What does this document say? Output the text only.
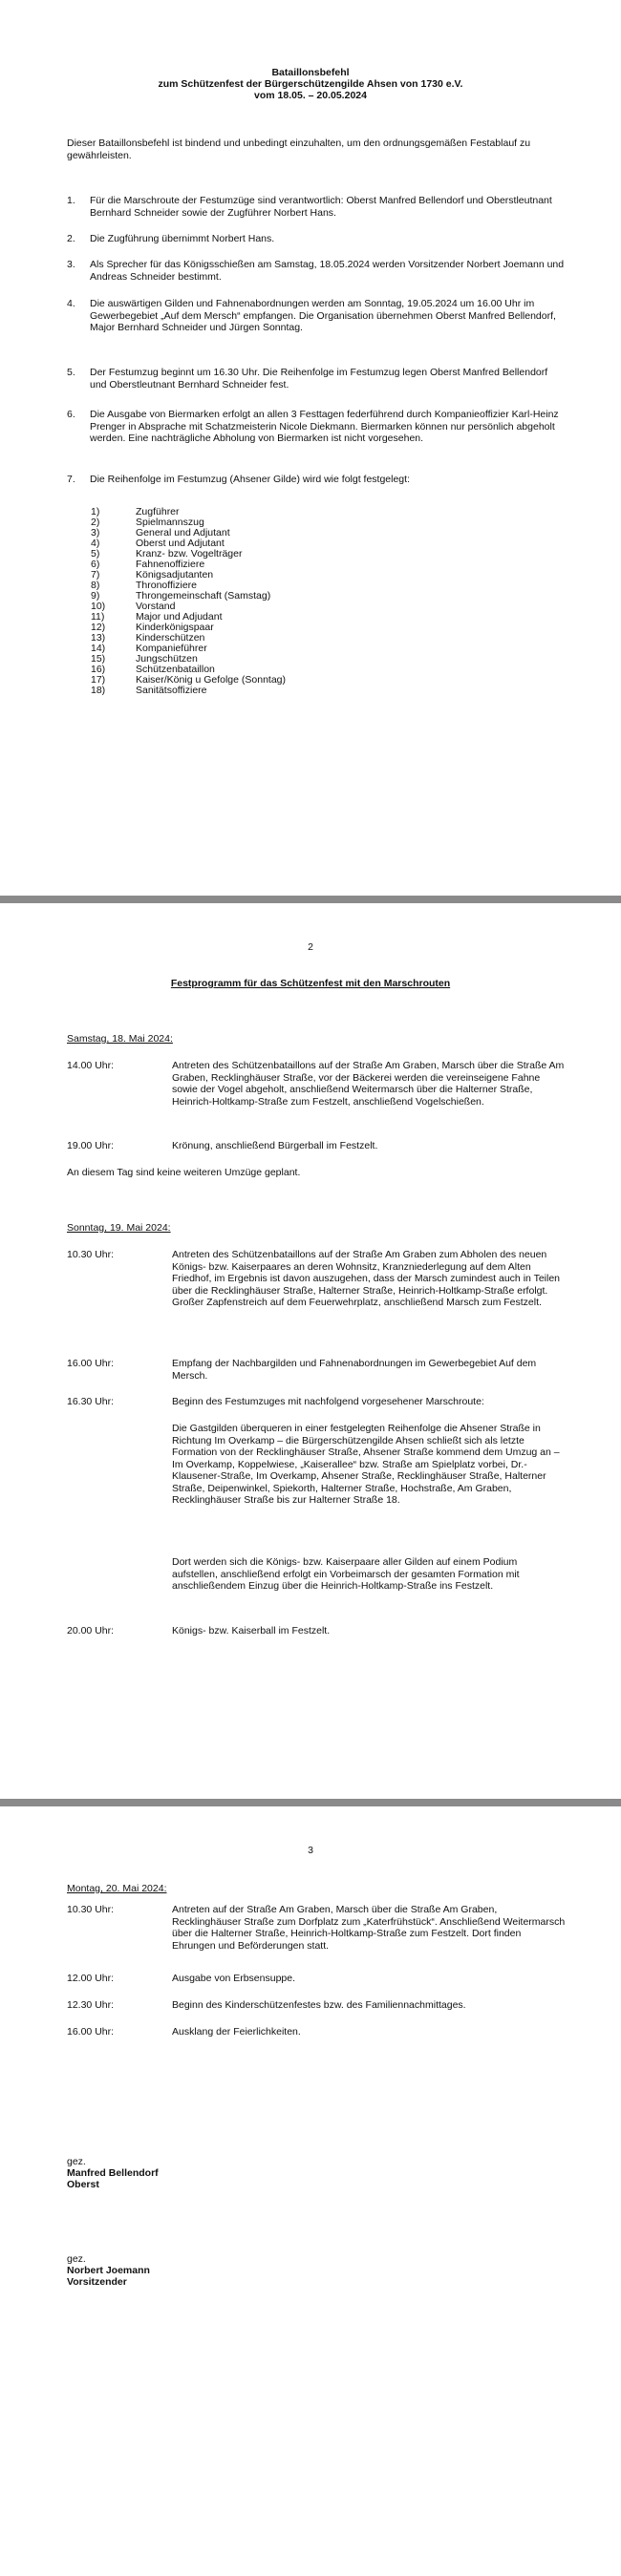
Bataillonsbefehl
zum Schützenfest der Bürgerschützengilde Ahsen von 1730 e.V.
vom 18.05. – 20.05.2024
Dieser Bataillonsbefehl ist bindend und unbedingt einzuhalten, um den ordnungsgemäßen Festablauf zu gewährleisten.
1. Für die Marschroute der Festumzüge sind verantwortlich: Oberst Manfred Bellendorf und Oberstleutnant Bernhard Schneider sowie der Zugführer Norbert Hans.
2. Die Zugführung übernimmt Norbert Hans.
3. Als Sprecher für das Königsschießen am Samstag, 18.05.2024 werden Vorsitzender Norbert Joemann und Andreas Schneider bestimmt.
4. Die auswärtigen Gilden und Fahnenabordnungen werden am Sonntag, 19.05.2024 um 16.00 Uhr im Gewerbegebiet „Auf dem Mersch“ empfangen. Die Organisation übernehmen Oberst Manfred Bellendorf, Major Bernhard Schneider und Jürgen Sonntag.
5. Der Festumzug beginnt um 16.30 Uhr. Die Reihenfolge im Festumzug legen Oberst Manfred Bellendorf und Oberstleutnant Bernhard Schneider fest.
6. Die Ausgabe von Biermarken erfolgt an allen 3 Festtagen federführend durch Kompanieoffizier Karl-Heinz Prenger in Absprache mit Schatzmeisterin Nicole Diekmann. Biermarken können nur persönlich abgeholt werden. Eine nachträgliche Abholung von Biermarken ist nicht vorgesehen.
7. Die Reihenfolge im Festumzug (Ahsener Gilde) wird wie folgt festgelegt:
1)	Zugführer
2)	Spielmannszug
3)	General und Adjutant
4)	Oberst und Adjutant
5)	Kranz- bzw. Vogelträger
6)	Fahnenoffiziere
7)	Königsadjutanten
8)	Thronoffiziere
9)	Throngemeinschaft (Samstag)
10)	Vorstand
11)	Major und Adjudant
12)	Kinderkönigspaar
13)	Kinderschützen
14)	Kompanieführer
15)	Jungschützen
16)	Schützenbataillon
17)	Kaiser/König u Gefolge (Sonntag)
18)	Sanitätsoffiziere
2
Festprogramm für das Schützenfest mit den Marschrouten
Samstag, 18. Mai 2024:
14.00 Uhr:	Antreten des Schützenbataillons auf der Straße Am Graben, Marsch über die Straße Am Graben, Recklinghäuser Straße, vor der Bäckerei werden die vereinseigene Fahne sowie der Vogel abgeholt, anschließend Weitermarsch über die Halterner Straße, Heinrich-Holtkamp-Straße zum Festzelt, anschließend Vogelschießen.
19.00 Uhr:	Krönung, anschließend Bürgerball im Festzelt.
An diesem Tag sind keine weiteren Umzüge geplant.
Sonntag, 19. Mai 2024:
10.30 Uhr:	Antreten des Schützenbataillons auf der Straße Am Graben zum Abholen des neuen Königs- bzw. Kaiserpaares an deren Wohnsitz, Kranzniederlegung auf dem Alten Friedhof, im Ergebnis ist davon auszugehen, dass der Marsch zumindest auch in Teilen über die Recklinghäuser Straße, Halterner Straße, Heinrich-Holtkamp-Straße erfolgt. Großer Zapfenstreich auf dem Feuerwehrplatz, anschließend Marsch zum Festzelt.
16.00 Uhr:	Empfang der Nachbargilden und Fahnenabordnungen im Gewerbegebiet Auf dem Mersch.
16.30 Uhr:	Beginn des Festumzuges mit nachfolgend vorgesehener Marschroute:
Die Gastgilden überqueren in einer festgelegten Reihenfolge die Ahsener Straße in Richtung Im Overkamp – die Bürgerschützengilde Ahsen schließt sich als letzte Formation von der Recklinghäuser Straße, Ahsener Straße kommend dem Umzug an – Im Overkamp, Koppelwiese, „Kaiserallee“ bzw. Straße am Spielplatz vorbei, Dr.-Klausener-Straße, Im Overkamp, Ahsener Straße, Recklinghäuser Straße, Halterner Straße, Deipenwinkel, Spiekorth, Halterner Straße, Hochstraße, Am Graben, Recklinghäuser Straße bis zur Halterner Straße 18.
Dort werden sich die Königs- bzw. Kaiserpaare aller Gilden auf einem Podium aufstellen, anschließend erfolgt ein Vorbeimarsch der gesamten Formation mit anschließendem Einzug über die Heinrich-Holtkamp-Straße ins Festzelt.
20.00 Uhr:	Königs- bzw. Kaiserball im Festzelt.
3
Montag, 20. Mai 2024:
10.30 Uhr:	Antreten auf der Straße Am Graben, Marsch über die Straße Am Graben, Recklinghäuser Straße zum Dorfplatz zum „Katerfrühstück“. Anschließend Weitermarsch über die Halterner Straße, Heinrich-Holtkamp-Straße zum Festzelt. Dort finden Ehrungen und Beförderungen statt.
12.00 Uhr:	Ausgabe von Erbsensuppe.
12.30 Uhr:	Beginn des Kinderschützenfestes bzw. des Familiennachmittages.
16.00 Uhr:	Ausklang der Feierlichkeiten.
gez.
Manfred Bellendorf
Oberst
gez.
Norbert Joemann
Vorsitzender
